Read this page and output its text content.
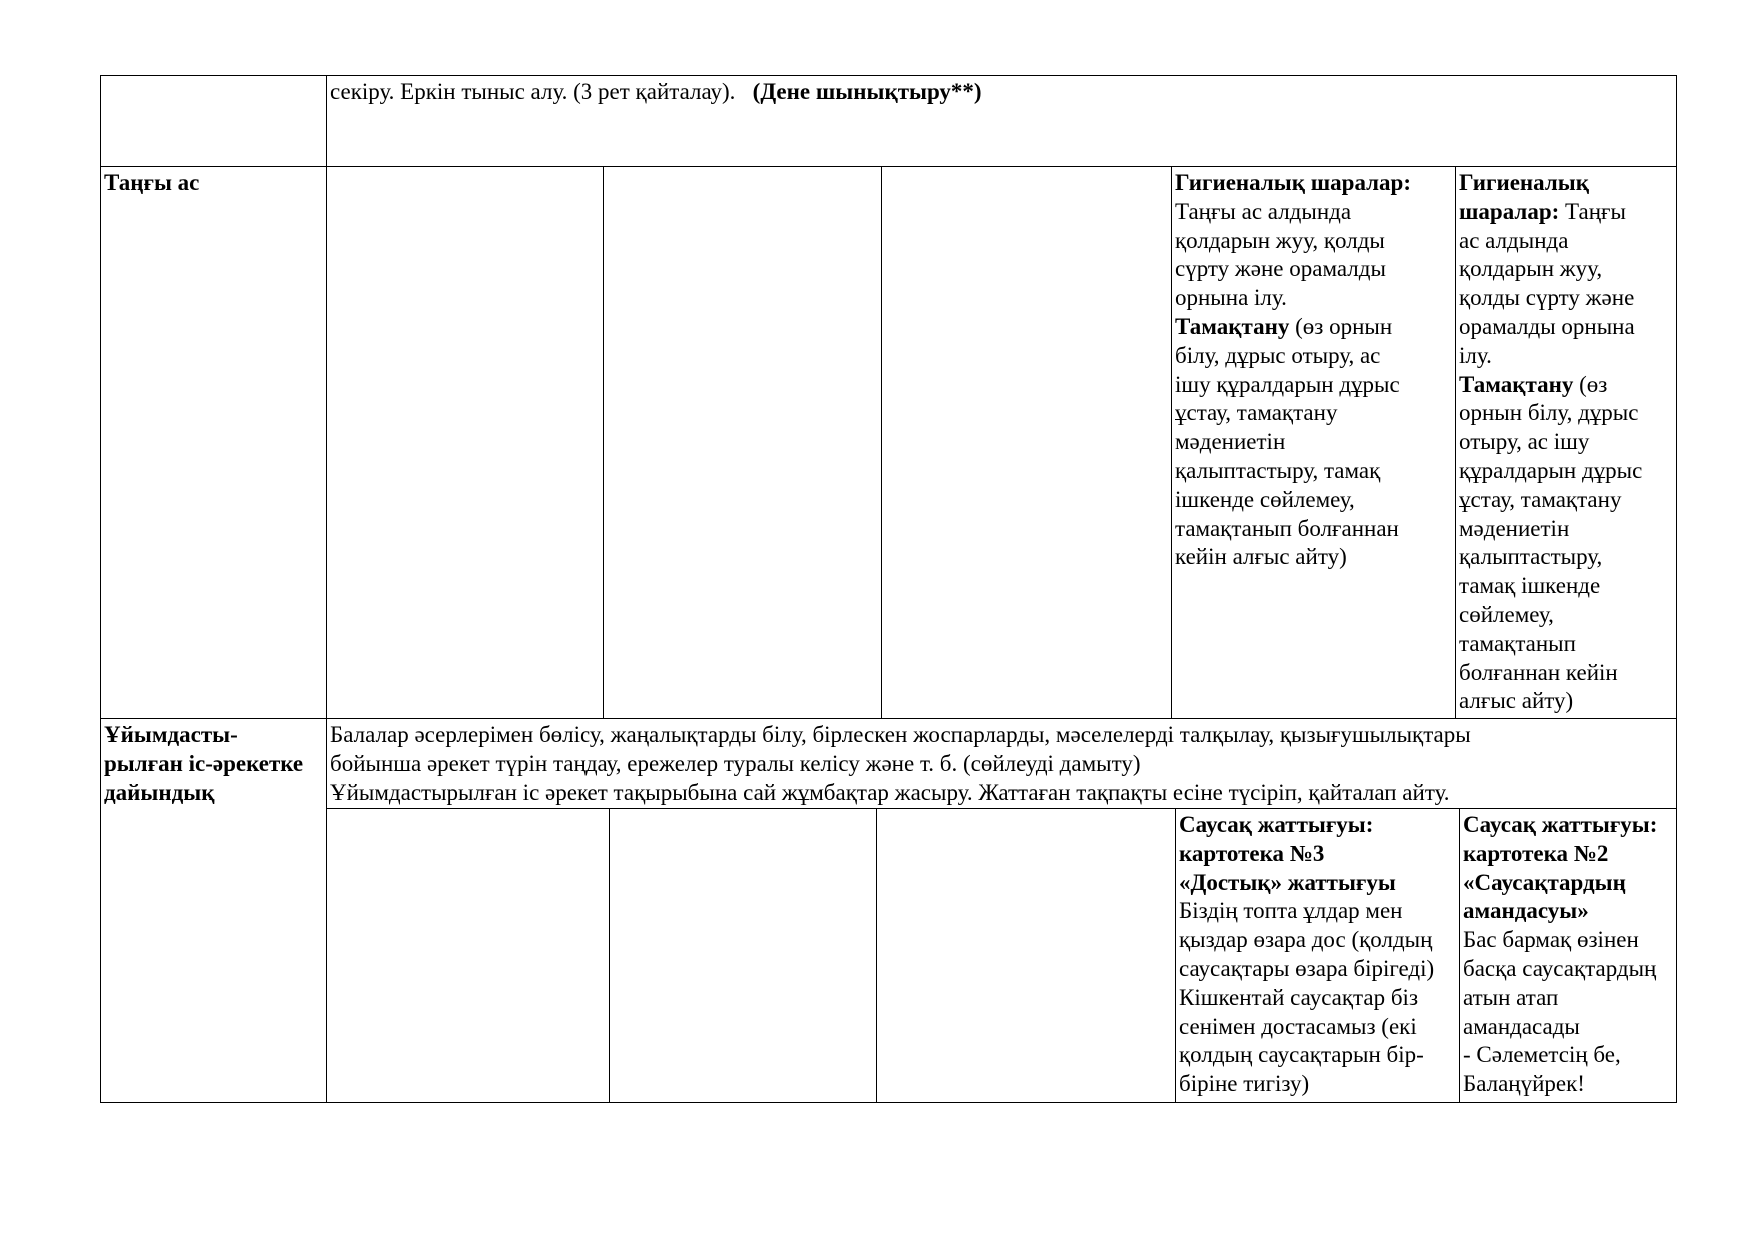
секіру. Еркін тыныс алу. (3 рет қайталау). (Дене шынықтыру**)
Таңғы ас	Гигиеналық шаралар:
Таңғы ас алдында
қолдарын жуу, қолды
сүрту және орамалды
орнына ілу.
Тамақтану (өз орнын
білу, дұрыс отыру, ас
ішу құралдарын дұрыс
ұстау, тамақтану
мәдениетін
қалыптастыру, тамақ
ішкенде сөйлемеу,
тамақтанып болғаннан
кейін алғыс айту)
Гигиеналық
шаралар: Таңғы
ас алдында
қолдарын жуу,
қолды сүрту және
орамалды орнына
ілу.
Тамақтану (өз
орнын білу, дұрыс
отыру, ас ішу
құралдарын дұрыс
ұстау, тамақтану
мәдениетін
қалыптастыру,
тамақ ішкенде
сөйлемеу,
тамақтанып
болғаннан кейін
алғыс айту)
Ұйымдасты-
рылған іс-әрекетке
дайындық
Балалар әсерлерімен бөлісу, жаңалықтарды білу, бірлескен жоспарларды, мәселелерді талқылау, қызығушылықтары
бойынша әрекет түрін таңдау, ережелер туралы келісу және т. б. (сөйлеуді дамыту)
Ұйымдастырылған іс әрекет тақырыбына сай жұмбақтар жасыру. Жаттаған тақпақты есіне түсіріп, қайталап айту.
Саусақ жаттығуы:
картотека №3
«Достық» жаттығуы
Біздің топта ұлдар мен
қыздар өзара дос (қолдың
саусақтары өзара бірігеді)
Кішкентай саусақтар біз
сенімен достасамыз (екі
қолдың саусақтарын бір-
біріне тигізу)
Саусақ жаттығуы:
картотека №2
«Саусақтардың
амандасуы»
Бас бармақ өзінен
басқа саусақтардың
атын атап
амандасады
- Сәлеметсің бе,
Балаңүйрек!
